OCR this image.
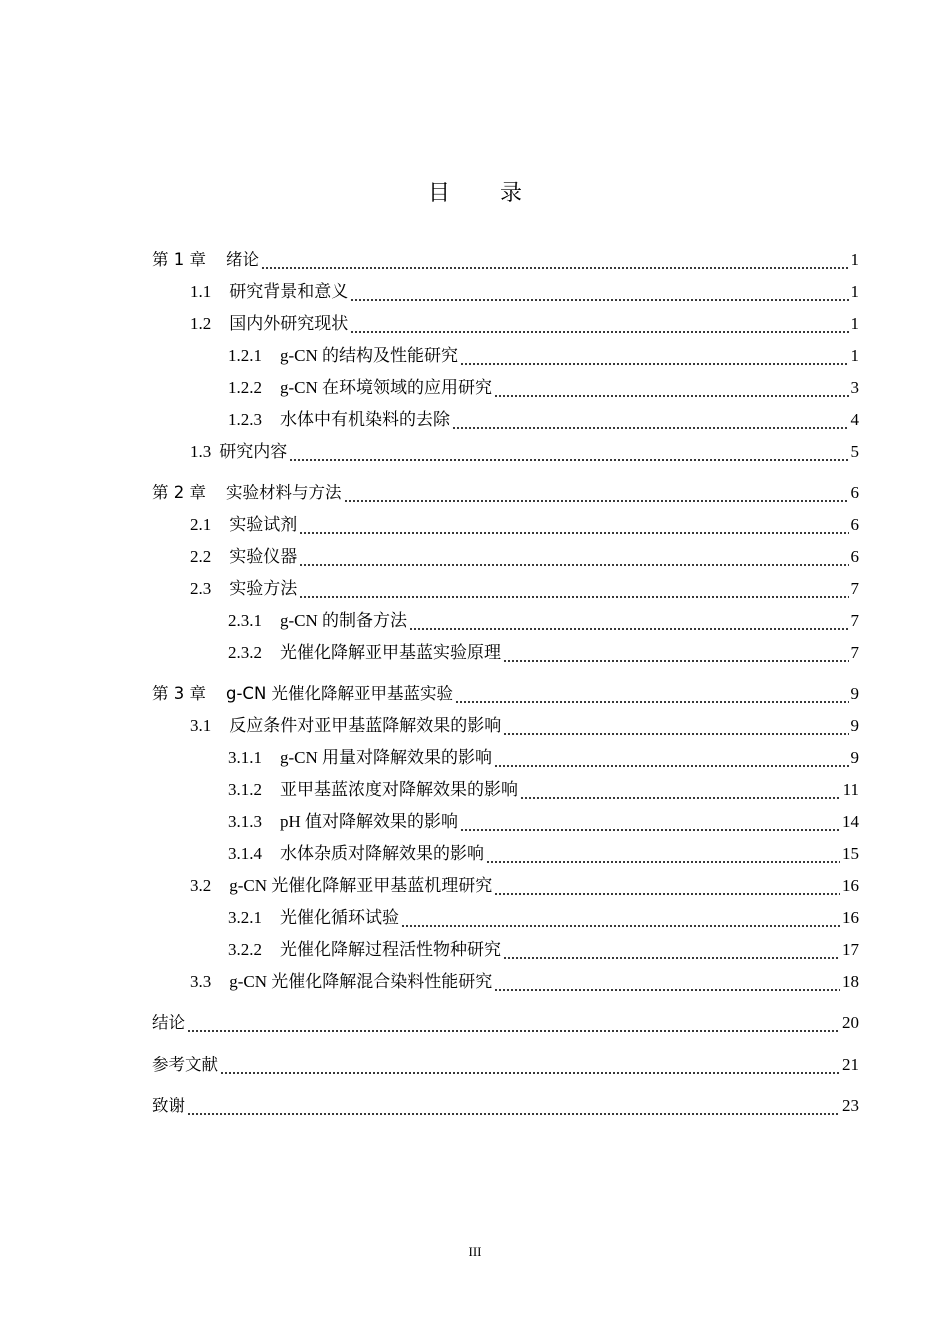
目 录
第 1 章 绪论	1
1.1 研究背景和意义	1
1.2 国内外研究现状	1
1.2.1 g-CN 的结构及性能研究	1
1.2.2 g-CN 在环境领域的应用研究	3
1.2.3 水体中有机染料的去除	4
1.3 研究内容	5
第 2 章 实验材料与方法	6
2.1 实验试剂	6
2.2 实验仪器	6
2.3 实验方法	7
2.3.1 g-CN 的制备方法	7
2.3.2 光催化降解亚甲基蓝实验原理	7
第 3 章 g-CN 光催化降解亚甲基蓝实验	9
3.1 反应条件对亚甲基蓝降解效果的影响	9
3.1.1 g-CN 用量对降解效果的影响	9
3.1.2 亚甲基蓝浓度对降解效果的影响	11
3.1.3 pH 值对降解效果的影响	14
3.1.4 水体杂质对降解效果的影响	15
3.2 g-CN 光催化降解亚甲基蓝机理研究	16
3.2.1 光催化循环试验	16
3.2.2 光催化降解过程活性物种研究	17
3.3 g-CN 光催化降解混合染料性能研究	18
结论	20
参考文献	21
致谢	23
III
